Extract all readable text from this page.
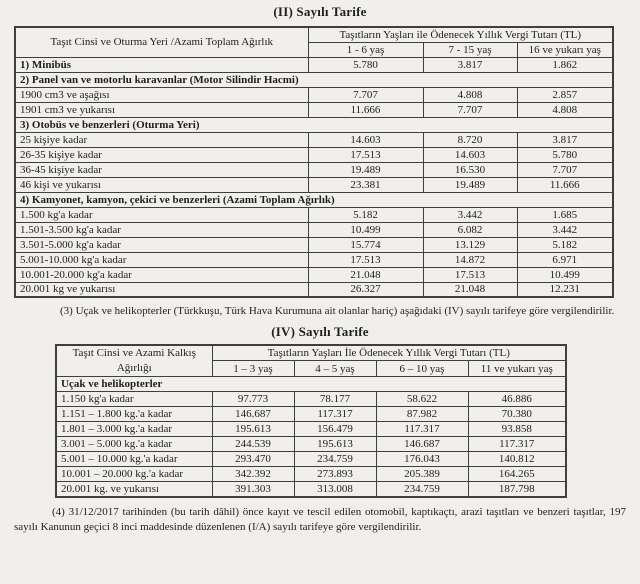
(II) Sayılı Tarife
Taşıt Cinsi ve Oturma Yeri /Azami Toplam Ağırlık	Taşıtların Yaşları ile Ödenecek Yıllık Vergi Tutarı (TL)		
	1 - 6 yaş	7 - 15 yaş	16 ve yukarı yaş
1) Minibüs	5.780	3.817	1.862
2) Panel van ve motorlu karavanlar (Motor Silindir Hacmi)			
1900 cm3 ve aşağısı	7.707	4.808	2.857
1901 cm3 ve yukarısı	11.666	7.707	4.808
3) Otobüs ve benzerleri (Oturma Yeri)			
25 kişiye kadar	14.603	8.720	3.817
26-35 kişiye kadar	17.513	14.603	5.780
36-45 kişiye kadar	19.489	16.530	7.707
46 kişi ve yukarısı	23.381	19.489	11.666
4) Kamyonet, kamyon, çekici ve benzerleri (Azami Toplam Ağırlık)			
1.500 kg'a kadar	5.182	3.442	1.685
1.501-3.500 kg'a kadar	10.499	6.082	3.442
3.501-5.000 kg'a kadar	15.774	13.129	5.182
5.001-10.000 kg'a kadar	17.513	14.872	6.971
10.001-20.000 kg'a kadar	21.048	17.513	10.499
20.001 kg ve yukarısı	26.327	21.048	12.231

(3) Uçak ve helikopterler (Türkkuşu, Türk Hava Kurumuna ait olanlar hariç) aşağıdaki (IV) sayılı tarifeye göre vergilendirilir.

(IV) Sayılı Tarife
Taşıt Cinsi ve Azami Kalkış Ağırlığı	Taşıtların Yaşları İle Ödenecek Yıllık Vergi Tutarı (TL)			
	1 – 3 yaş	4 – 5 yaş	6 – 10 yaş	11 ve yukarı yaş
Uçak ve helikopterler				
1.150 kg'a kadar	97.773	78.177	58.622	46.886
1.151 – 1.800 kg.'a kadar	146.687	117.317	87.982	70.380
1.801 – 3.000 kg.'a kadar	195.613	156.479	117.317	93.858
3.001 – 5.000 kg.'a kadar	244.539	195.613	146.687	117.317
5.001 – 10.000 kg.'a kadar	293.470	234.759	176.043	140.812
10.001 – 20.000 kg.'a kadar	342.392	273.893	205.389	164.265
20.001 kg. ve yukarısı	391.303	313.008	234.759	187.798

(4) 31/12/2017 tarihinden (bu tarih dâhil) önce kayıt ve tescil edilen otomobil, kaptıkaçtı, arazi taşıtları ve benzeri taşıtlar, 197 sayılı Kanunun geçici 8 inci maddesinde düzenlenen (I/A) sayılı tarifeye göre vergilendirilir.
